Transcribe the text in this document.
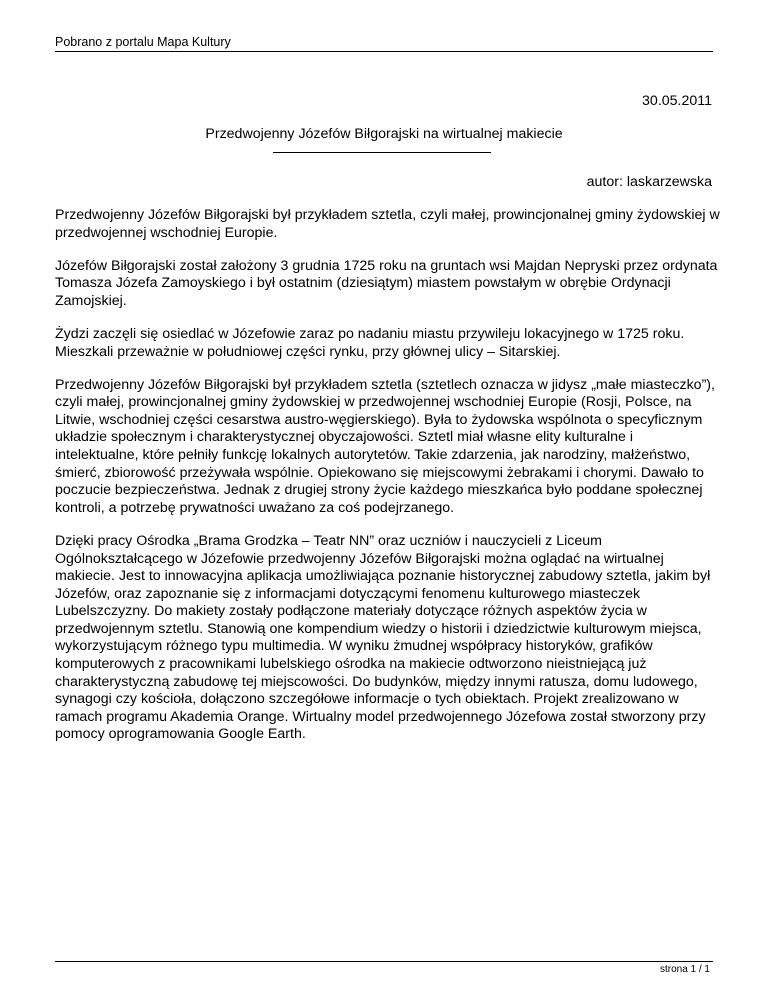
Pobrano z portalu Mapa Kultury
30.05.2011
Przedwojenny Józefów Biłgorajski na wirtualnej makiecie
autor: laskarzewska

Przedwojenny Józefów Biłgorajski był przykładem sztetla, czyli małej, prowincjonalnej gminy żydowskiej w przedwojennej wschodniej Europie.

Józefów Biłgorajski został założony 3 grudnia 1725 roku na gruntach wsi Majdan Nepryski przez ordynata Tomasza Józefa Zamoyskiego i był ostatnim (dziesiątym) miastem powstałym w obrębie Ordynacji Zamojskiej.

Żydzi zaczęli się osiedlać w Józefowie zaraz po nadaniu miastu przywileju lokacyjnego w 1725 roku. Mieszkali przeważnie w południowej części rynku, przy głównej ulicy – Sitarskiej.

Przedwojenny Józefów Biłgorajski był przykładem sztetla (sztetlech oznacza w jidysz „małe miasteczko”), czyli małej, prowincjonalnej gminy żydowskiej w przedwojennej wschodniej Europie (Rosji, Polsce, na Litwie, wschodniej części cesarstwa austro-węgierskiego). Była to żydowska wspólnota o specyficznym układzie społecznym i charakterystycznej obyczajowości. Sztetl miał własne elity kulturalne i intelektualne, które pełniły funkcję lokalnych autorytetów. Takie zdarzenia, jak narodziny, małżeństwo, śmierć, zbiorowość przeżywała wspólnie. Opiekowano się miejscowymi żebrakami i chorymi. Dawało to poczucie bezpieczeństwa. Jednak z drugiej strony życie każdego mieszkańca było poddane społecznej kontroli, a potrzebę prywatności uważano za coś podejrzanego.

Dzięki pracy Ośrodka „Brama Grodzka – Teatr NN” oraz uczniów i nauczycieli z Liceum Ogólnokształcącego w Józefowie przedwojenny Józefów Biłgorajski można oglądać na wirtualnej makiecie. Jest to innowacyjna aplikacja umożliwiająca poznanie historycznej zabudowy sztetla, jakim był Józefów, oraz zapoznanie się z informacjami dotyczącymi fenomenu kulturowego miasteczek Lubelszczyzny. Do makiety zostały podłączone materiały dotyczące różnych aspektów życia w przedwojennym sztetlu. Stanowią one kompendium wiedzy o historii i dziedzictwie kulturowym miejsca, wykorzystującym różnego typu multimedia. W wyniku żmudnej współpracy historyków, grafików komputerowych z pracownikami lubelskiego ośrodka na makiecie odtworzono nieistniejącą już charakterystyczną zabudowę tej miejscowości. Do budynków, między innymi ratusza, domu ludowego, synagogi czy kościoła, dołączono szczegółowe informacje o tych obiektach. Projekt zrealizowano w ramach programu Akademia Orange. Wirtualny model przedwojennego Józefowa został stworzony przy pomocy oprogramowania Google Earth.

strona 1 / 1
